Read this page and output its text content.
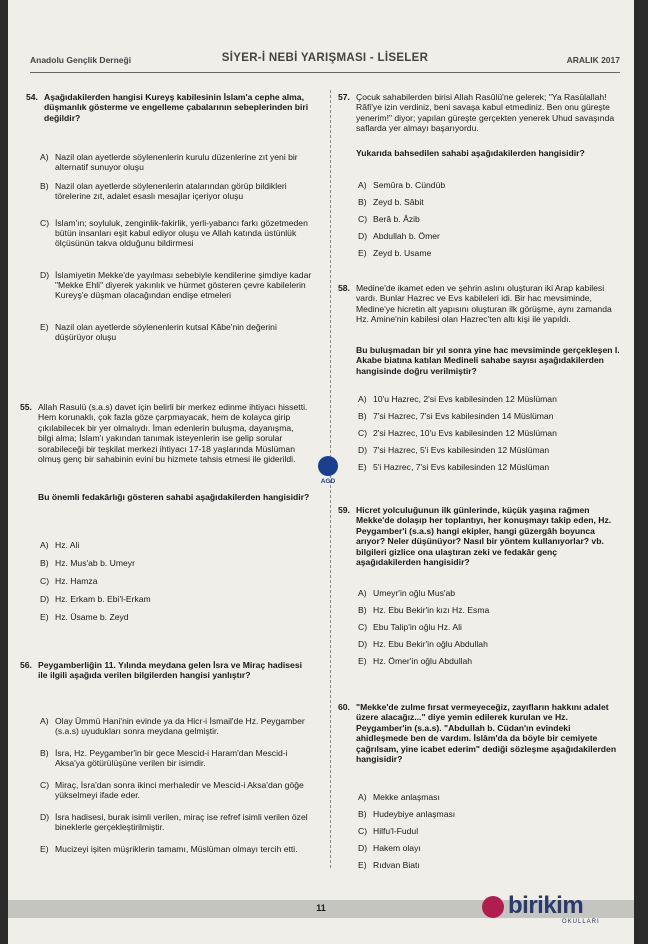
Anadolu Gençlik Derneği	SİYER-İ NEBİ YARIŞMASI - LİSELER	ARALIK 2017
54. Aşağıdakilerden hangisi Kureyş kabilesinin İslam'a cephe alma, düşmanlık gösterme ve engelleme çabalarının sebeplerinden biri değildir?
A) Nazil olan ayetlerde söylenenlerin kurulu düzenlerine zıt yeni bir alternatif sunuyor oluşu
B) Nazil olan ayetlerde söylenenlerin atalarından görüp bildikleri törelerine zıt, adalet esaslı mesajlar içeriyor oluşu
C) İslam'ın; soyluluk, zenginlik-fakirlik, yerli-yabancı farkı gözetmeden bütün insanları eşit kabul ediyor oluşu ve Allah katında üstünlük ölçüsünün takva olduğunu bildirmesi
D) İslamiyetin Mekke'de yayılması sebebiyle kendilerine şimdiye kadar "Mekke Ehli" diyerek yakınlık ve hürmet gösteren çevre kabilelerin Kureyş'e düşman olacağından endişe etmeleri
E) Nazil olan ayetlerde söylenenlerin kutsal Kâbe'nin değerini düşürüyor oluşu
55. Allah Rasulü (s.a.s) davet için belirli bir merkez edinme ihtiyacı hissetti. Hem korunaklı, çok fazla göze çarpmayacak, hem de kolayca girip çıkılabilecek bir yer olmalıydı. İman edenlerin buluşma, dayanışma, bilgi alma; İslam'ı yakından tanımak isteyenlerin ise gelip sorular sorabileceği bir teşkilat merkezi ihtiyacı 17-18 yaşlarında Müslüman olmuş genç bir sahabinin evini bu hizmete tahsis etmesi ile giderildi.
Bu önemli fedakârlığı gösteren sahabi aşağıdakilerden hangisidir?
A) Hz. Ali
B) Hz. Mus'ab b. Umeyr
C) Hz. Hamza
D) Hz. Erkam b. Ebi'l-Erkam
E) Hz. Üsame b. Zeyd
AGD
56. Peygamberliğin 11. Yılında meydana gelen İsra ve Miraç hadisesi ile ilgili aşağıda verilen bilgilerden hangisi yanlıştır?
A) Olay Ümmü Hani'nin evinde ya da Hicr-i İsmail'de Hz. Peygamber (s.a.s) uyudukları sonra meydana gelmiştir.
B) İsra, Hz. Peygamber'in bir gece Mescid-i Haram'dan Mescid-i Aksa'ya götürülüşüne verilen bir isimdir.
C) Miraç, İsra'dan sonra ikinci merhaledir ve Mescid-i Aksa'dan göğe yükselmeyi ifade eder.
D) İsra hadisesi, burak isimli verilen, miraç ise refref isimli verilen özel bineklerle gerçekleştirilmiştir.
E) Mucizeyi işiten müşriklerin tamamı, Müslüman olmayı tercih etti.
57. Çocuk sahabilerden birisi Allah Rasûlü'ne gelerek; "Ya Rasûlallah! Râfi'ye izin verdiniz, beni savaşa kabul etmediniz. Ben onu güreşte yenerim!" diyor; yapılan güreşte gerçekten yenerek Uhud savaşında saflarda yer almayı başarıyordu.
Yukarıda bahsedilen sahabi aşağıdakilerden hangisidir?
A) Semûra b. Cündüb
B) Zeyd b. Sâbit
C) Berâ b. Âzib
D) Abdullah b. Ömer
E) Zeyd b. Usame
58. Medine'de ikamet eden ve şehrin aslını oluşturan iki Arap kabilesi vardı. Bunlar Hazrec ve Evs kabileleri idi. Bir hac mevsiminde, Medine'ye hicretin alt yapısını oluşturan ilk görüşme, aynı zamanda Hz. Amine'nin kabilesi olan Hazrec'ten altı kişi ile yapıldı.
Bu buluşmadan bir yıl sonra yine hac mevsiminde gerçekleşen I. Akabe biatına katılan Medineli sahabe sayısı aşağıdakilerden hangisinde doğru verilmiştir?
A) 10'u Hazrec, 2'si Evs kabilesinden 12 Müslüman
B) 7'si Hazrec, 7'si Evs kabilesinden 14 Müslüman
C) 2'si Hazrec, 10'u Evs kabilesinden 12 Müslüman
D) 7'si Hazrec, 5'i Evs kabilesinden 12 Müslüman
E) 5'i Hazrec, 7'si Evs kabilesinden 12 Müslüman
59. Hicret yolculuğunun ilk günlerinde, küçük yaşına rağmen Mekke'de dolaşıp her toplantıyı, her konuşmayı takip eden, Hz. Peygamber'i (s.a.s) hangi ekipler, hangi güzergâh boyunca arıyor? Neler düşünüyor? Nasıl bir yöntem kullanıyorlar? vb. bilgileri gizlice ona ulaştıran zeki ve fedakâr genç aşağıdakilerden hangisidir?
A) Umeyr'in oğlu Mus'ab
B) Hz. Ebu Bekir'in kızı Hz. Esma
C) Ebu Talip'in oğlu Hz. Ali
D) Hz. Ebu Bekir'in oğlu Abdullah
E) Hz. Ömer'in oğlu Abdullah
60. "Mekke'de zulme fırsat vermeyeceğiz, zayıfların hakkını adalet üzere alacağız..." diye yemin edilerek kurulan ve Hz. Peygamber'in (s.a.s). "Abdullah b. Cüdan'ın evindeki ahidleşmede ben de vardım. İslâm'da da böyle bir cemiyete çağrılsam, yine icabet ederim" dediği sözleşme aşağıdakilerden hangisidir?
A) Mekke anlaşması
B) Hudeybiye anlaşması
C) Hilfu'l-Fudul
D) Hakem olayı
E) Rıdvan Biatı
11	birikim
OKULLARI
